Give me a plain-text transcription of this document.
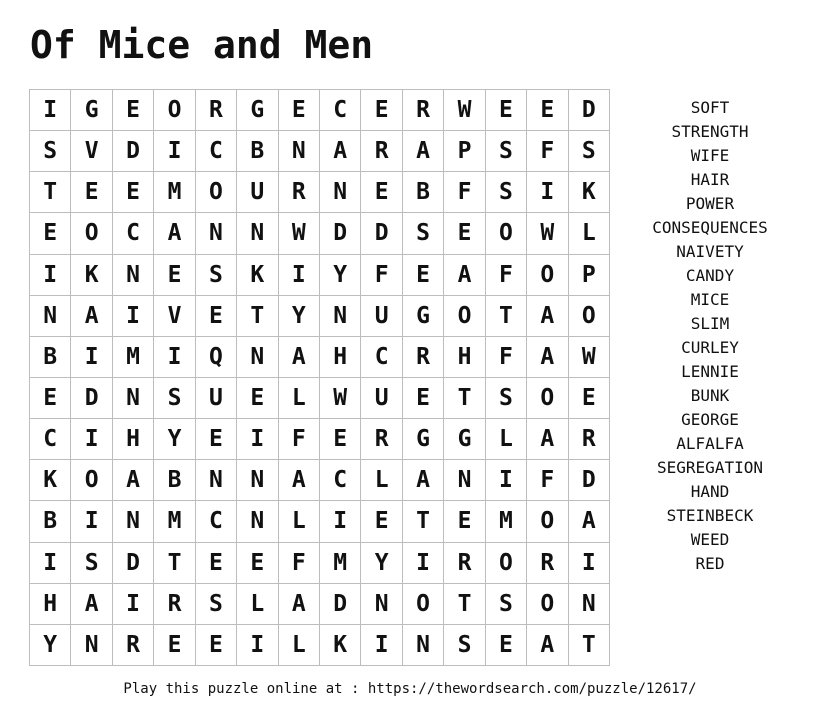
Of Mice and Men
I	G	E	O	R	G	E	C	E	R	W	E	E	D
S	V	D	I	C	B	N	A	R	A	P	S	F	S
T	E	E	M	O	U	R	N	E	B	F	S	I	K
E	O	C	A	N	N	W	D	D	S	E	O	W	L
I	K	N	E	S	K	I	Y	F	E	A	F	O	P
N	A	I	V	E	T	Y	N	U	G	O	T	A	O
B	I	M	I	Q	N	A	H	C	R	H	F	A	W
E	D	N	S	U	E	L	W	U	E	T	S	O	E
C	I	H	Y	E	I	F	E	R	G	G	L	A	R
K	O	A	B	N	N	A	C	L	A	N	I	F	D
B	I	N	M	C	N	L	I	E	T	E	M	O	A
I	S	D	T	E	E	F	M	Y	I	R	O	R	I
H	A	I	R	S	L	A	D	N	O	T	S	O	N
Y	N	R	E	E	I	L	K	I	N	S	E	A	T
SOFT
STRENGTH
WIFE
HAIR
POWER
CONSEQUENCES
NAIVETY
CANDY
MICE
SLIM
CURLEY
LENNIE
BUNK
GEORGE
ALFALFA
SEGREGATION
HAND
STEINBECK
WEED
RED
Play this puzzle online at : https://thewordsearch.com/puzzle/12617/
